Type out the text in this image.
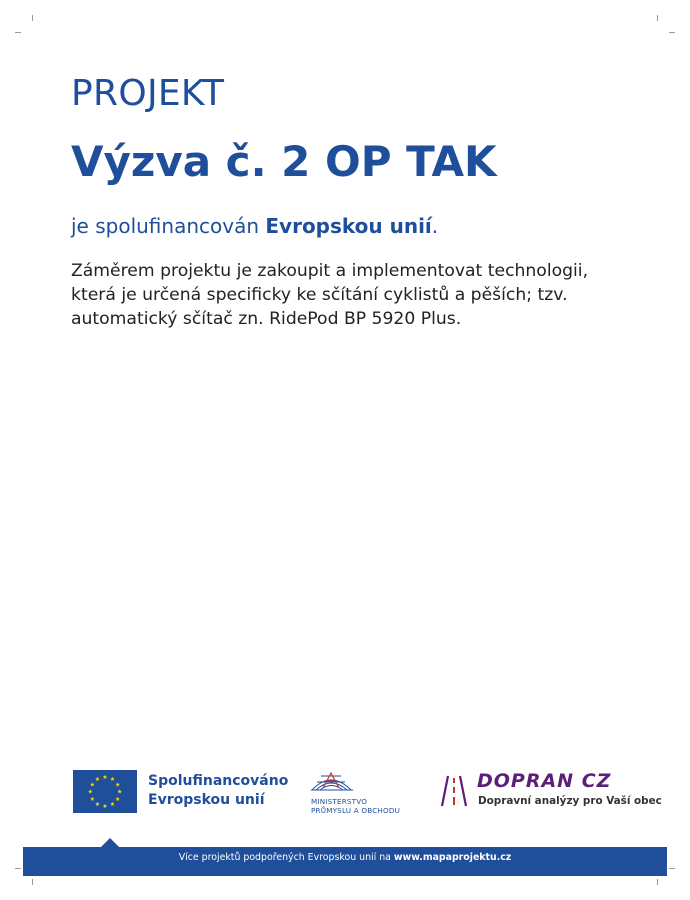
PROJEKT
Výzva č. 2 OP TAK

je spolufinancován Evropskou unií.

Záměrem projektu je zakoupit a implementovat technologii,
která je určená specificky ke sčítání cyklistů a pěších; tzv.
automatický sčítač zn. RidePod BP 5920 Plus.

★ ★
★
★
★
★
★
★
★
★
★
★	Spolufinancováno
Evropskou unií	MINISTERSTVO
PRŮMYSLU A OBCHODU
DOPRAN CZ
Dopravní analýzy pro Vaší obec
Více projektů podpořených Evropskou unií na www.mapaprojektu.cz
